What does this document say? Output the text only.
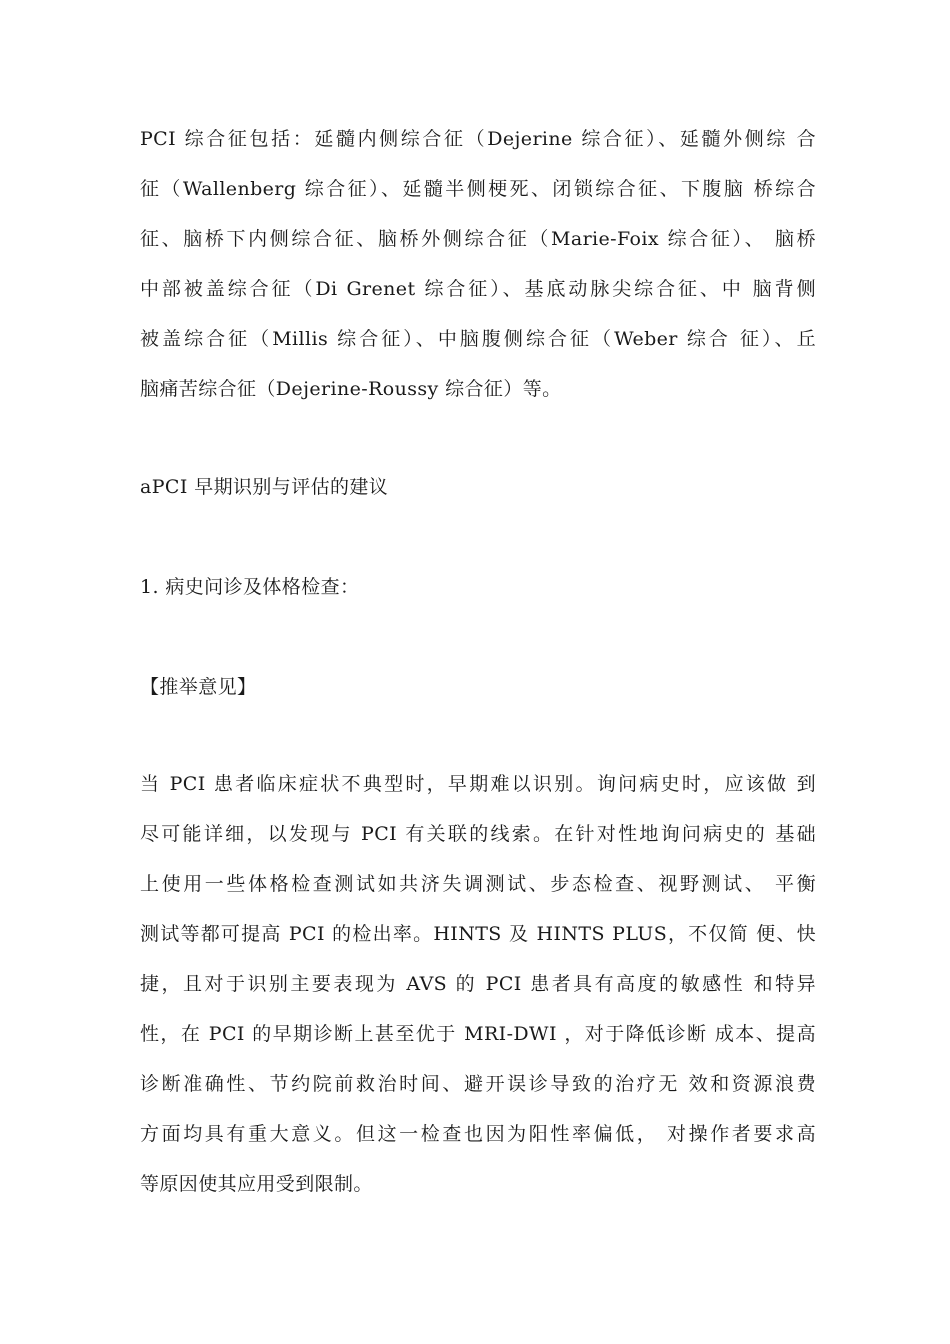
PCI 综合征包括：延髓内侧综合征（Dejerine 综合征）、延髓外侧综 合
征（Wallenberg 综合征）、延髓半侧梗死、闭锁综合征、下腹脑 桥综合
征、脑桥下内侧综合征、脑桥外侧综合征（Marie-Foix 综合征）、 脑桥
中部被盖综合征（Di Grenet 综合征）、基底动脉尖综合征、中 脑背侧
被盖综合征（Millis 综合征）、中脑腹侧综合征（Weber 综合 征）、丘
脑痛苦综合征（Dejerine-Roussy 综合征）等。
aPCI 早期识别与评估的建议
1. 病史问诊及体格检查：
【推举意见】
当 PCI 患者临床症状不典型时，早期难以识别。询问病史时，应该做 到
尽可能详细，以发现与 PCI 有关联的线索。在针对性地询问病史的 基础
上使用一些体格检查测试如共济失调测试、步态检查、视野测试、 平衡
测试等都可提高 PCI 的检出率。HINTS 及 HINTS PLUS，不仅简 便、快
捷，且对于识别主要表现为 AVS 的 PCI 患者具有高度的敏感性 和特异
性，在 PCI 的早期诊断上甚至优于 MRI-DWI ，对于降低诊断 成本、提高
诊断准确性、节约院前救治时间、避开误诊导致的治疗无 效和资源浪费
方面均具有重大意义。但这一检查也因为阳性率偏低， 对操作者要求高
等原因使其应用受到限制。
